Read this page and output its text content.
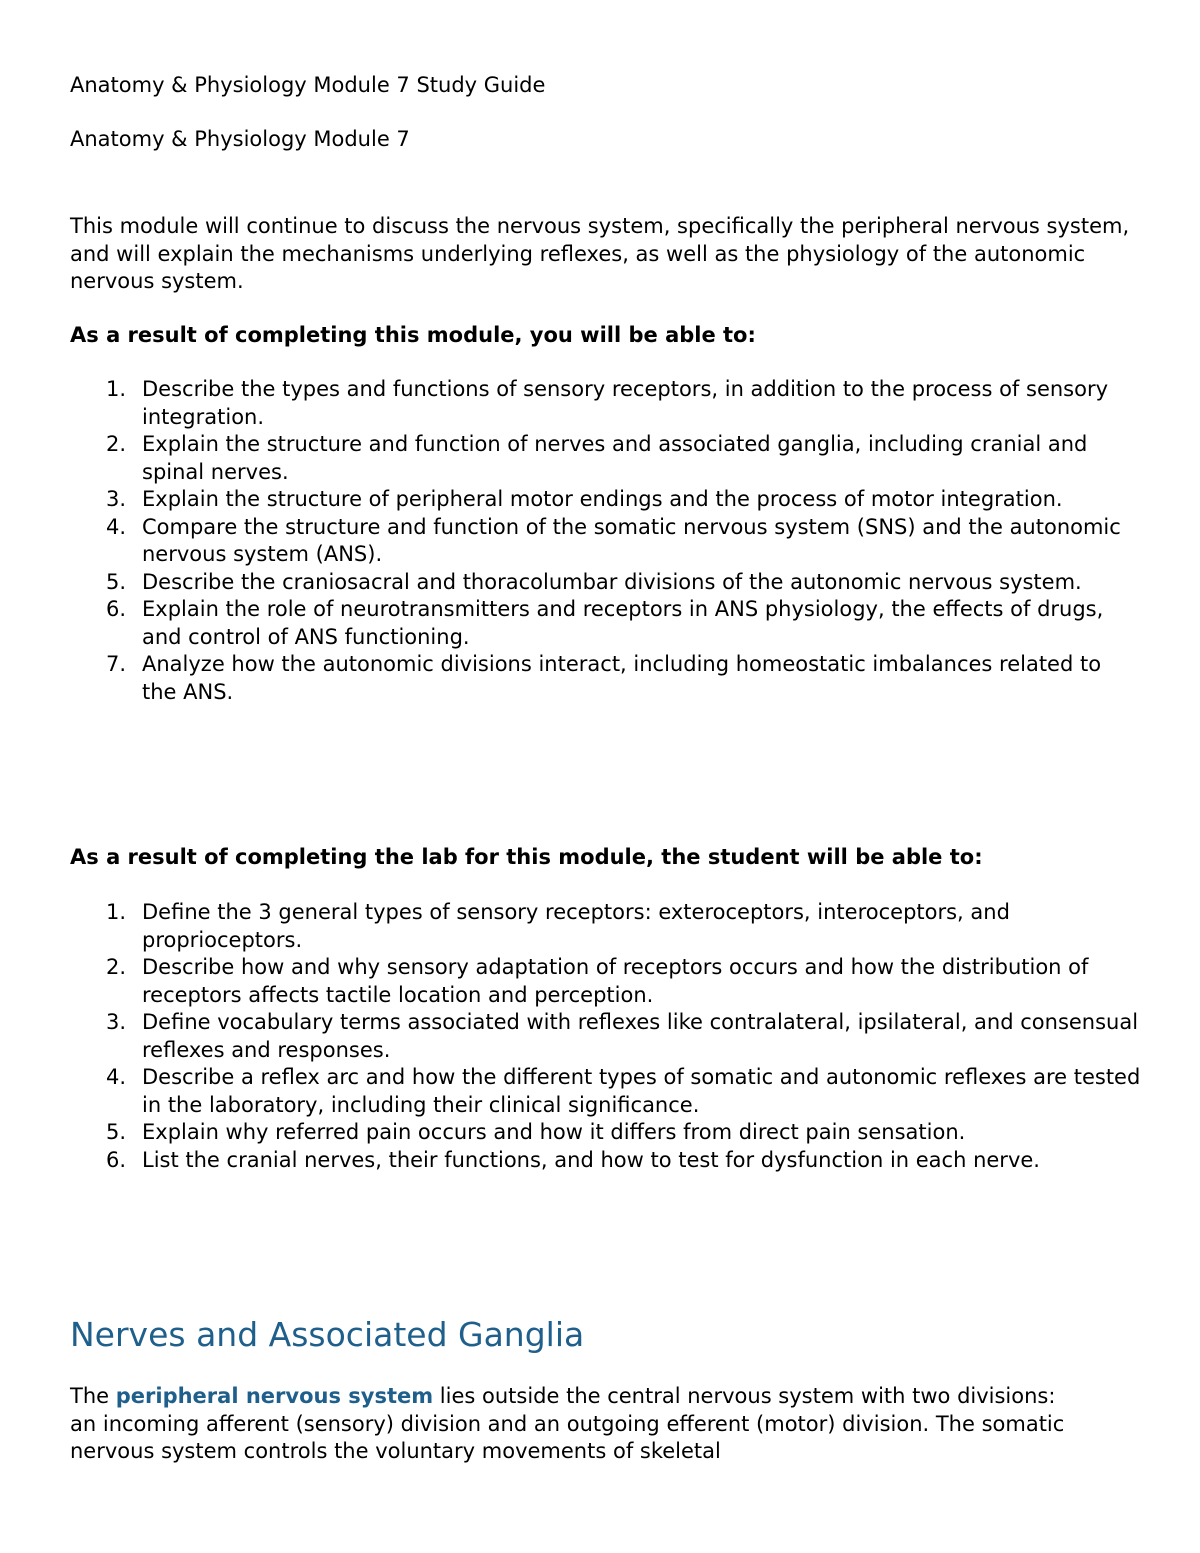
Anatomy & Physiology Module 7 Study Guide

Anatomy & Physiology Module 7

This module will continue to discuss the nervous system, specifically the peripheral nervous system, and will explain the mechanisms underlying reflexes, as well as the physiology of the autonomic nervous system.

As a result of completing this module, you will be able to:

1. Describe the types and functions of sensory receptors, in addition to the process of sensory integration.
2. Explain the structure and function of nerves and associated ganglia, including cranial and spinal nerves.
3. Explain the structure of peripheral motor endings and the process of motor integration.
4. Compare the structure and function of the somatic nervous system (SNS) and the autonomic nervous system (ANS).
5. Describe the craniosacral and thoracolumbar divisions of the autonomic nervous system.
6. Explain the role of neurotransmitters and receptors in ANS physiology, the effects of drugs, and control of ANS functioning.
7. Analyze how the autonomic divisions interact, including homeostatic imbalances related to the ANS.

As a result of completing the lab for this module, the student will be able to:

1. Define the 3 general types of sensory receptors: exteroceptors, interoceptors, and proprioceptors.
2. Describe how and why sensory adaptation of receptors occurs and how the distribution of receptors affects tactile location and perception.
3. Define vocabulary terms associated with reflexes like contralateral, ipsilateral, and consensual reflexes and responses.
4. Describe a reflex arc and how the different types of somatic and autonomic reflexes are tested in the laboratory, including their clinical significance.
5. Explain why referred pain occurs and how it differs from direct pain sensation.
6. List the cranial nerves, their functions, and how to test for dysfunction in each nerve.
Nerves and Associated Ganglia

The peripheral nervous system lies outside the central nervous system with two divisions: an incoming afferent (sensory) division and an outgoing efferent (motor) division. The somatic nervous system controls the voluntary movements of skeletal
